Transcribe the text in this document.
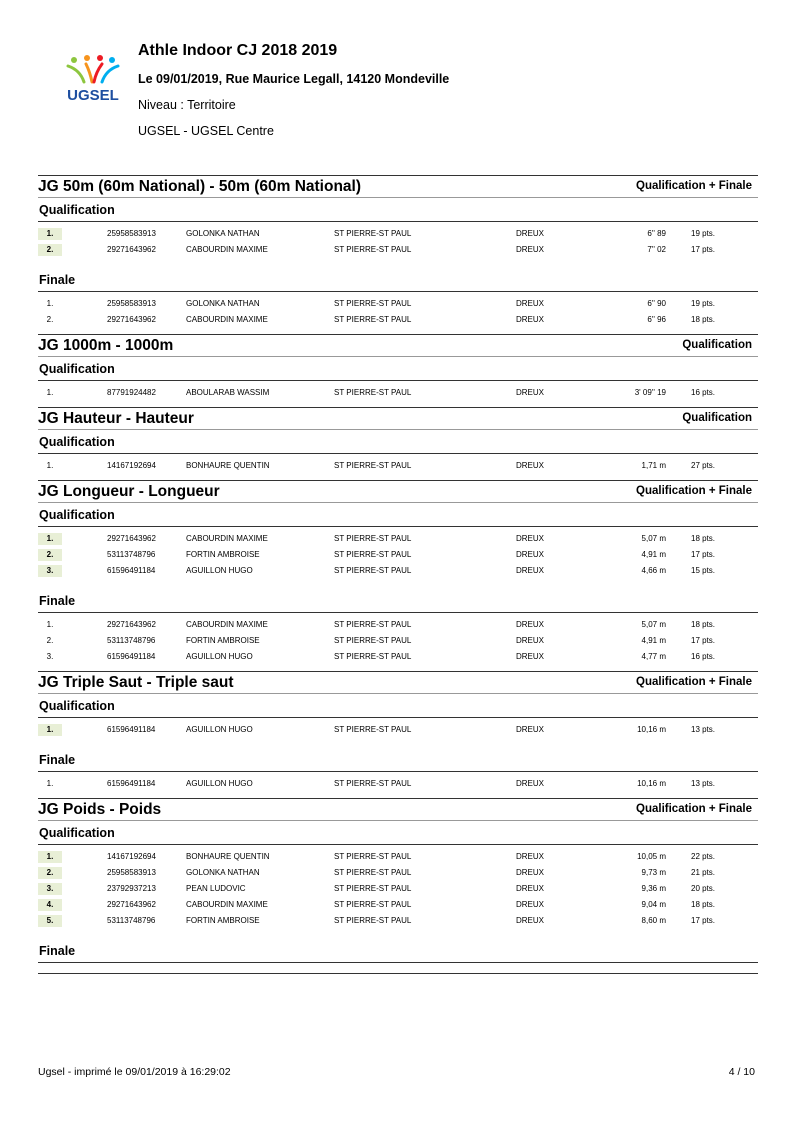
UGSEL
Athle Indoor CJ 2018 2019
Le 09/01/2019, Rue Maurice Legall, 14120 Mondeville
Niveau : Territoire
UGSEL - UGSEL Centre
JG 50m (60m National) - 50m (60m National)	Qualification + Finale
Qualification
1.	25958583913	GOLONKA NATHAN	ST PIERRE-ST PAUL	DREUX	6'' 89	19 pts.
2.	29271643962	CABOURDIN MAXIME	ST PIERRE-ST PAUL	DREUX	7'' 02	17 pts.
Finale
1.	25958583913	GOLONKA NATHAN	ST PIERRE-ST PAUL	DREUX	6'' 90	19 pts.
2.	29271643962	CABOURDIN MAXIME	ST PIERRE-ST PAUL	DREUX	6'' 96	18 pts.
JG 1000m - 1000m	Qualification
Qualification
1.	87791924482	ABOULARAB WASSIM	ST PIERRE-ST PAUL	DREUX	3' 09'' 19	16 pts.
JG Hauteur - Hauteur	Qualification
Qualification
1.	14167192694	BONHAURE QUENTIN	ST PIERRE-ST PAUL	DREUX	1,71 m	27 pts.
JG Longueur - Longueur	Qualification + Finale
Qualification
1.	29271643962	CABOURDIN MAXIME	ST PIERRE-ST PAUL	DREUX	5,07 m	18 pts.
2.	53113748796	FORTIN AMBROISE	ST PIERRE-ST PAUL	DREUX	4,91 m	17 pts.
3.	61596491184	AGUILLON HUGO	ST PIERRE-ST PAUL	DREUX	4,66 m	15 pts.
Finale
1.	29271643962	CABOURDIN MAXIME	ST PIERRE-ST PAUL	DREUX	5,07 m	18 pts.
2.	53113748796	FORTIN AMBROISE	ST PIERRE-ST PAUL	DREUX	4,91 m	17 pts.
3.	61596491184	AGUILLON HUGO	ST PIERRE-ST PAUL	DREUX	4,77 m	16 pts.
JG Triple Saut - Triple saut	Qualification + Finale
Qualification
1.	61596491184	AGUILLON HUGO	ST PIERRE-ST PAUL	DREUX	10,16 m	13 pts.
Finale
1.	61596491184	AGUILLON HUGO	ST PIERRE-ST PAUL	DREUX	10,16 m	13 pts.
JG Poids - Poids	Qualification + Finale
Qualification
1.	14167192694	BONHAURE QUENTIN	ST PIERRE-ST PAUL	DREUX	10,05 m	22 pts.
2.	25958583913	GOLONKA NATHAN	ST PIERRE-ST PAUL	DREUX	9,73 m	21 pts.
3.	23792937213	PEAN LUDOVIC	ST PIERRE-ST PAUL	DREUX	9,36 m	20 pts.
4.	29271643962	CABOURDIN MAXIME	ST PIERRE-ST PAUL	DREUX	9,04 m	18 pts.
5.	53113748796	FORTIN AMBROISE	ST PIERRE-ST PAUL	DREUX	8,60 m	17 pts.
Finale
Ugsel - imprimé le 09/01/2019 à 16:29:02	4 / 10
